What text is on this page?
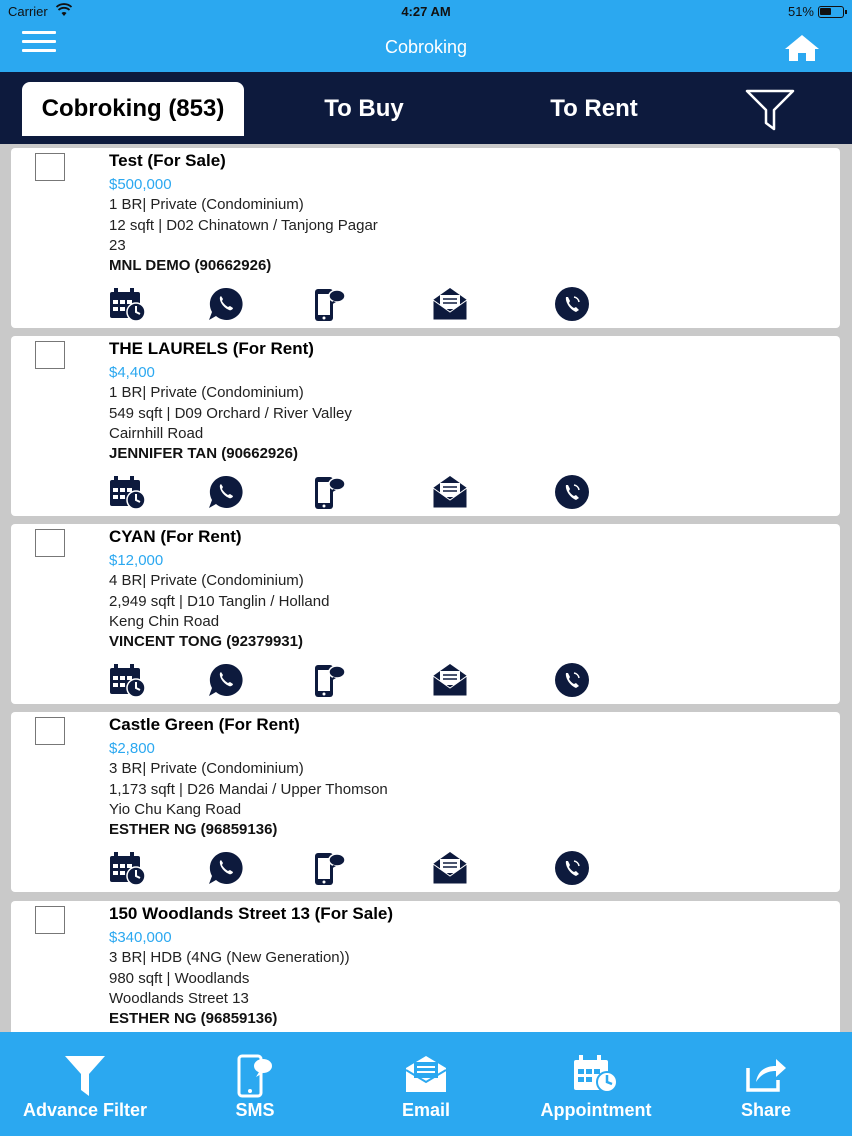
Carrier	4:27 AM	51%
Cobroking
Cobroking (853)	To Buy	To Rent
Test (For Sale)
$500,000
1 BR| Private (Condominium)
12 sqft | D02 Chinatown / Tanjong Pagar
23
MNL DEMO (90662926)
THE LAURELS (For Rent)
$4,400
1 BR| Private (Condominium)
549 sqft | D09 Orchard / River Valley
Cairnhill Road
JENNIFER TAN (90662926)
CYAN (For Rent)
$12,000
4 BR| Private (Condominium)
2,949 sqft | D10 Tanglin / Holland
Keng Chin Road
VINCENT TONG (92379931)
Castle Green (For Rent)
$2,800
3 BR| Private (Condominium)
1,173 sqft | D26 Mandai / Upper Thomson
Yio Chu Kang Road
ESTHER NG (96859136)
150 Woodlands Street 13 (For Sale)
$340,000
3 BR| HDB (4NG (New Generation))
980 sqft | Woodlands
Woodlands Street 13
ESTHER NG (96859136)
Advance Filter	SMS	Email	Appointment	Share
